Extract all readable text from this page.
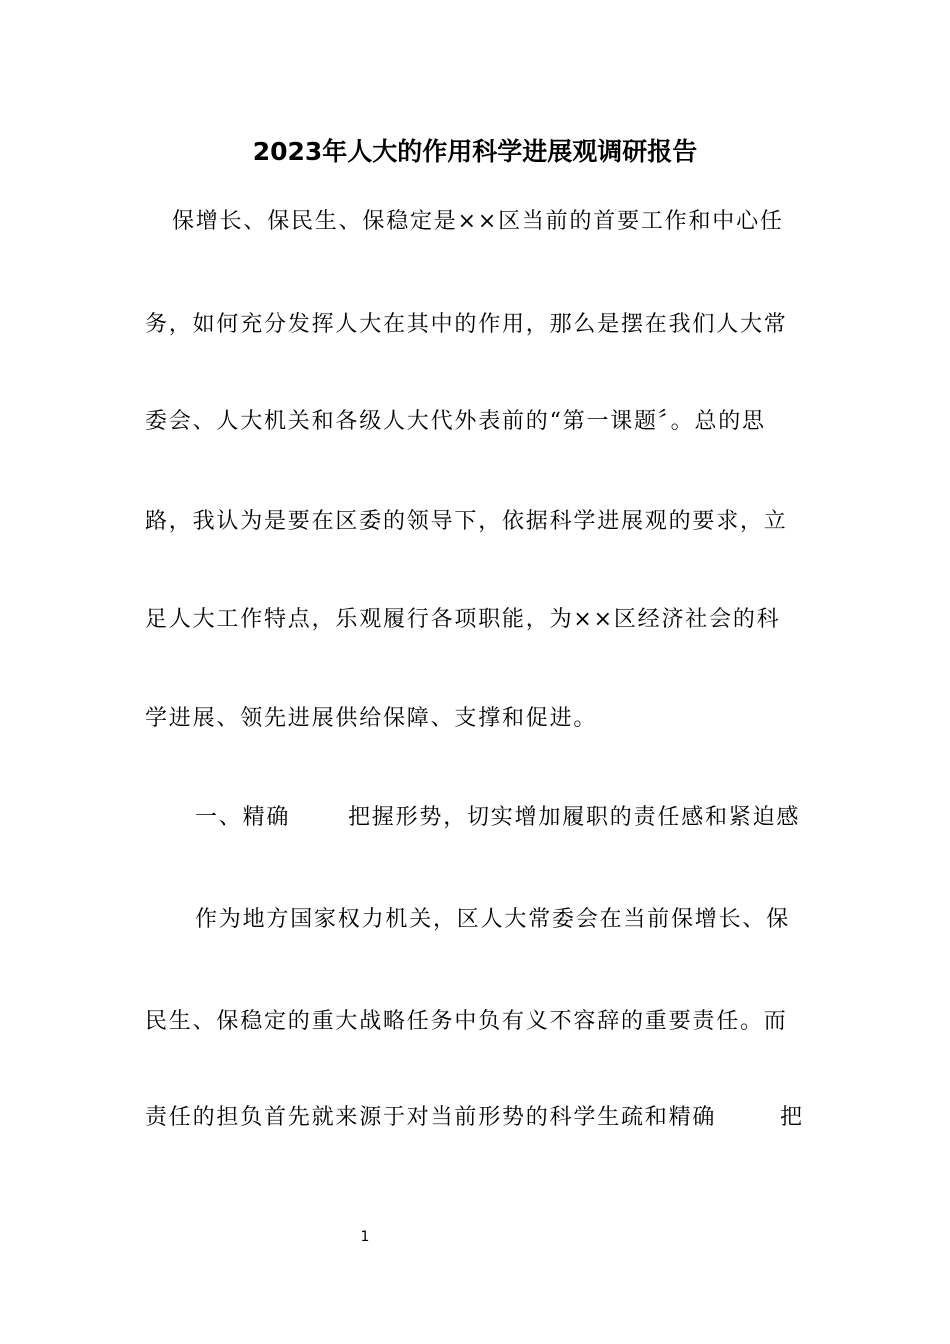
2023年人大的作用科学进展观调研报告
保增长、保民生、保稳定是××区当前的首要工作和中心任
务，如何充分发挥人大在其中的作用，那么是摆在我们人大常
委会、人大机关和各级人大代外表前的“第一课题〞。总的思
路，我认为是要在区委的领导下，依据科学进展观的要求，立
足人大工作特点，乐观履行各项职能，为××区经济社会的科
学进展、领先进展供给保障、支撑和促进。
一、精确	把握形势，切实增加履职的责任感和紧迫感
作为地方国家权力机关，区人大常委会在当前保增长、保
民生、保稳定的重大战略任务中负有义不容辞的重要责任。而
责任的担负首先就来源于对当前形势的科学生疏和精确	把
1
